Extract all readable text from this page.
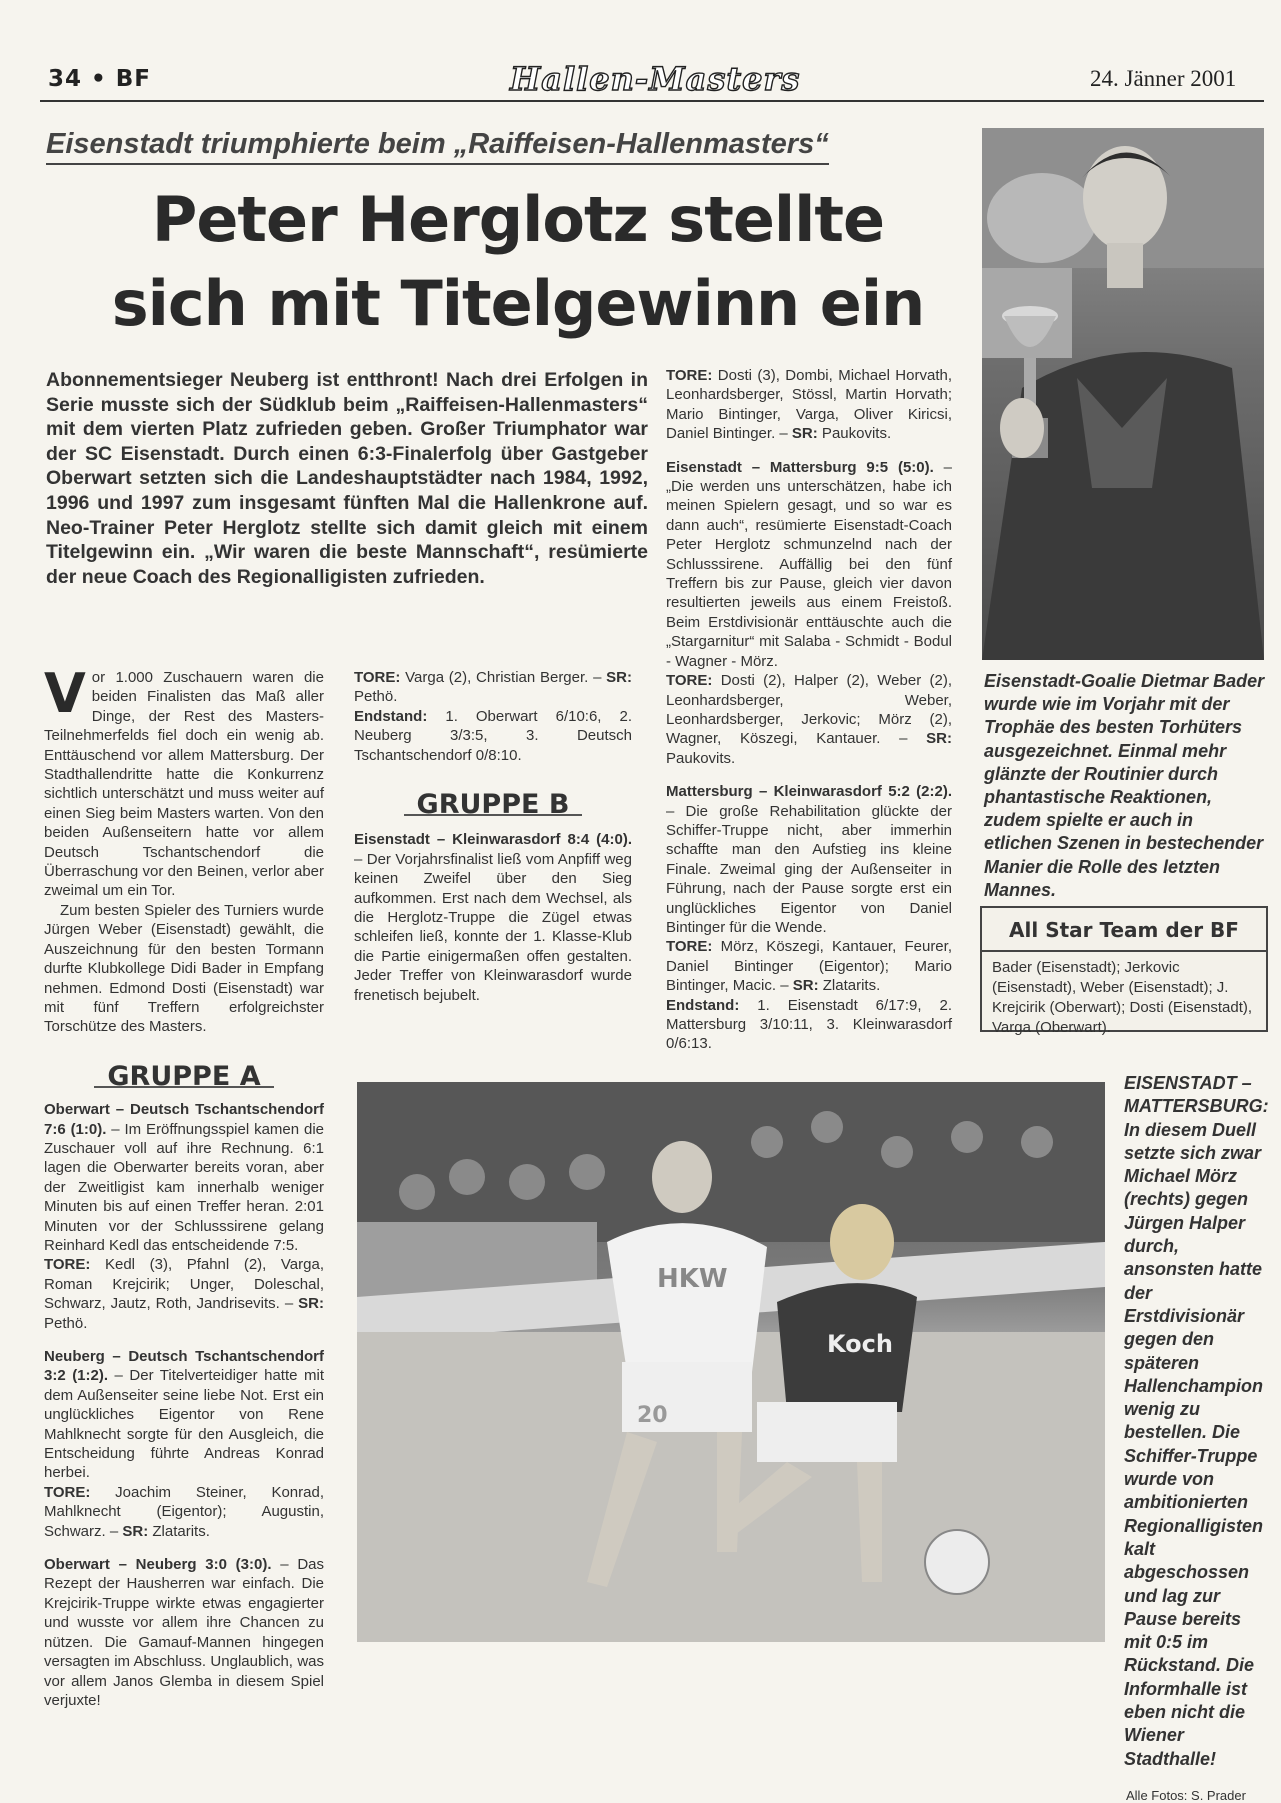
34 • BF	Hallen-Masters	24. Jänner 2001
Eisenstadt triumphierte beim „Raiffeisen-Hallenmasters“
Peter Herglotz stellte
sich mit Titelgewinn ein
Abonnementsieger Neuberg ist entthront! Nach drei Erfolgen in Serie musste sich der Südklub beim „Raiffeisen-Hallenmasters“ mit dem vierten Platz zufrieden geben. Großer Triumphator war der SC Eisenstadt. Durch einen 6:3-Finalerfolg über Gastgeber Oberwart setzten sich die Landeshauptstädter nach 1984, 1992, 1996 und 1997 zum insgesamt fünften Mal die Hallenkrone auf. Neo-Trainer Peter Herglotz stellte sich damit gleich mit einem Titelgewinn ein. „Wir waren die beste Mannschaft“, resümierte der neue Coach des Regionalligisten zufrieden.
V or 1.000 Zuschauern waren die beiden Finalisten das Maß aller Dinge, der Rest des Masters-Teilnehmerfelds fiel doch ein wenig ab. Enttäuschend vor allem Mattersburg. Der Stadthallendritte hatte die Konkurrenz sichtlich unterschätzt und muss weiter auf einen Sieg beim Masters warten. Von den beiden Außenseitern hatte vor allem Deutsch Tschantschendorf die Überraschung vor den Beinen, verlor aber zweimal um ein Tor.

Zum besten Spieler des Turniers wurde Jürgen Weber (Eisenstadt) gewählt, die Auszeichnung für den besten Tormann durfte Klubkollege Didi Bader in Empfang nehmen. Edmond Dosti (Eisenstadt) war mit fünf Treffern erfolgreichster Torschütze des Masters.

GRUPPE A

Oberwart – Deutsch Tschantschendorf 7:6 (1:0). – Im Eröffnungsspiel kamen die Zuschauer voll auf ihre Rechnung. 6:1 lagen die Oberwarter bereits voran, aber der Zweitligist kam innerhalb weniger Minuten bis auf einen Treffer heran. 2:01 Minuten vor der Schlusssirene gelang Reinhard Kedl das entscheidende 7:5.

TORE: Kedl (3), Pfahnl (2), Varga, Roman Krejcirik; Unger, Doleschal, Schwarz, Jautz, Roth, Jandrisevits. – SR: Pethö.

Neuberg – Deutsch Tschantschendorf 3:2 (1:2). – Der Titelverteidiger hatte mit dem Außenseiter seine liebe Not. Erst ein unglückliches Eigentor von Rene Mahlknecht sorgte für den Ausgleich, die Entscheidung führte Andreas Konrad herbei.

TORE: Joachim Steiner, Konrad, Mahlknecht (Eigentor); Augustin, Schwarz. – SR: Zlatarits.

Oberwart – Neuberg 3:0 (3:0). – Das Rezept der Hausherren war einfach. Die Krejcirik-Truppe wirkte etwas engagierter und wusste vor allem ihre Chancen zu nützen. Die Gamauf-Mannen hingegen versagten im Abschluss. Unglaublich, was vor allem Janos Glemba in diesem Spiel verjuxte!

TORE: Varga (2), Christian Berger. – SR: Pethö.

Endstand: 1. Oberwart 6/10:6, 2. Neuberg 3/3:5, 3. Deutsch Tschantschendorf 0/8:10.

GRUPPE B

Eisenstadt – Kleinwarasdorf 8:4 (4:0). – Der Vorjahrsfinalist ließ vom Anpfiff weg keinen Zweifel über den Sieg aufkommen. Erst nach dem Wechsel, als die Herglotz-Truppe die Zügel etwas schleifen ließ, konnte der 1. Klasse-Klub die Partie einigermaßen offen gestalten. Jeder Treffer von Kleinwarasdorf wurde frenetisch bejubelt.

TORE: Dosti (3), Dombi, Michael Horvath, Leonhardsberger, Stössl, Martin Horvath; Mario Bintinger, Varga, Oliver Kiricsi, Daniel Bintinger. – SR: Paukovits.

Eisenstadt – Mattersburg 9:5 (5:0). – „Die werden uns unterschätzen, habe ich meinen Spielern gesagt, und so war es dann auch“, resümierte Eisenstadt-Coach Peter Herglotz schmunzelnd nach der Schlusssirene. Auffällig bei den fünf Treffern bis zur Pause, gleich vier davon resultierten jeweils aus einem Freistoß. Beim Erstdivisionär enttäuschte auch die „Stargarnitur“ mit Salaba - Schmidt - Bodul - Wagner - Mörz.

TORE: Dosti (2), Halper (2), Weber (2), Leonhardsberger, Weber, Leonhardsberger, Jerkovic; Mörz (2), Wagner, Köszegi, Kantauer. – SR: Paukovits.

Mattersburg – Kleinwarasdorf 5:2 (2:2). – Die große Rehabilitation glückte der Schiffer-Truppe nicht, aber immerhin schaffte man den Aufstieg ins kleine Finale. Zweimal ging der Außenseiter in Führung, nach der Pause sorgte erst ein unglückliches Eigentor von Daniel Bintinger für die Wende.

TORE: Mörz, Köszegi, Kantauer, Feurer, Daniel Bintinger (Eigentor); Mario Bintinger, Macic. – SR: Zlatarits.

Endstand: 1. Eisenstadt 6/17:9, 2. Mattersburg 3/10:11, 3. Kleinwarasdorf 0/6:13.

Eisenstadt-Goalie Dietmar Bader wurde wie im Vorjahr mit der Trophäe des besten Torhüters ausgezeichnet. Einmal mehr glänzte der Routinier durch phantastische Reaktionen, zudem spielte er auch in etlichen Szenen in bestechender Manier die Rolle des letzten Mannes.
All Star Team der BF
Bader (Eisenstadt); Jerkovic (Eisenstadt), Weber (Eisenstadt); J. Krejcirik (Oberwart); Dosti (Eisenstadt), Varga (Oberwart).
HKW
Koch
20
EISENSTADT – MATTERSBURG: In diesem Duell setzte sich zwar Michael Mörz (rechts) gegen Jürgen Halper durch, ansonsten hatte der Erstdivisionär gegen den späteren Hallenchampion wenig zu bestellen. Die Schiffer-Truppe wurde von ambitionierten Regionalligisten kalt abgeschossen und lag zur Pause bereits mit 0:5 im Rückstand. Die Informhalle ist eben nicht die Wiener Stadthalle!
Alle Fotos: S. Prader
